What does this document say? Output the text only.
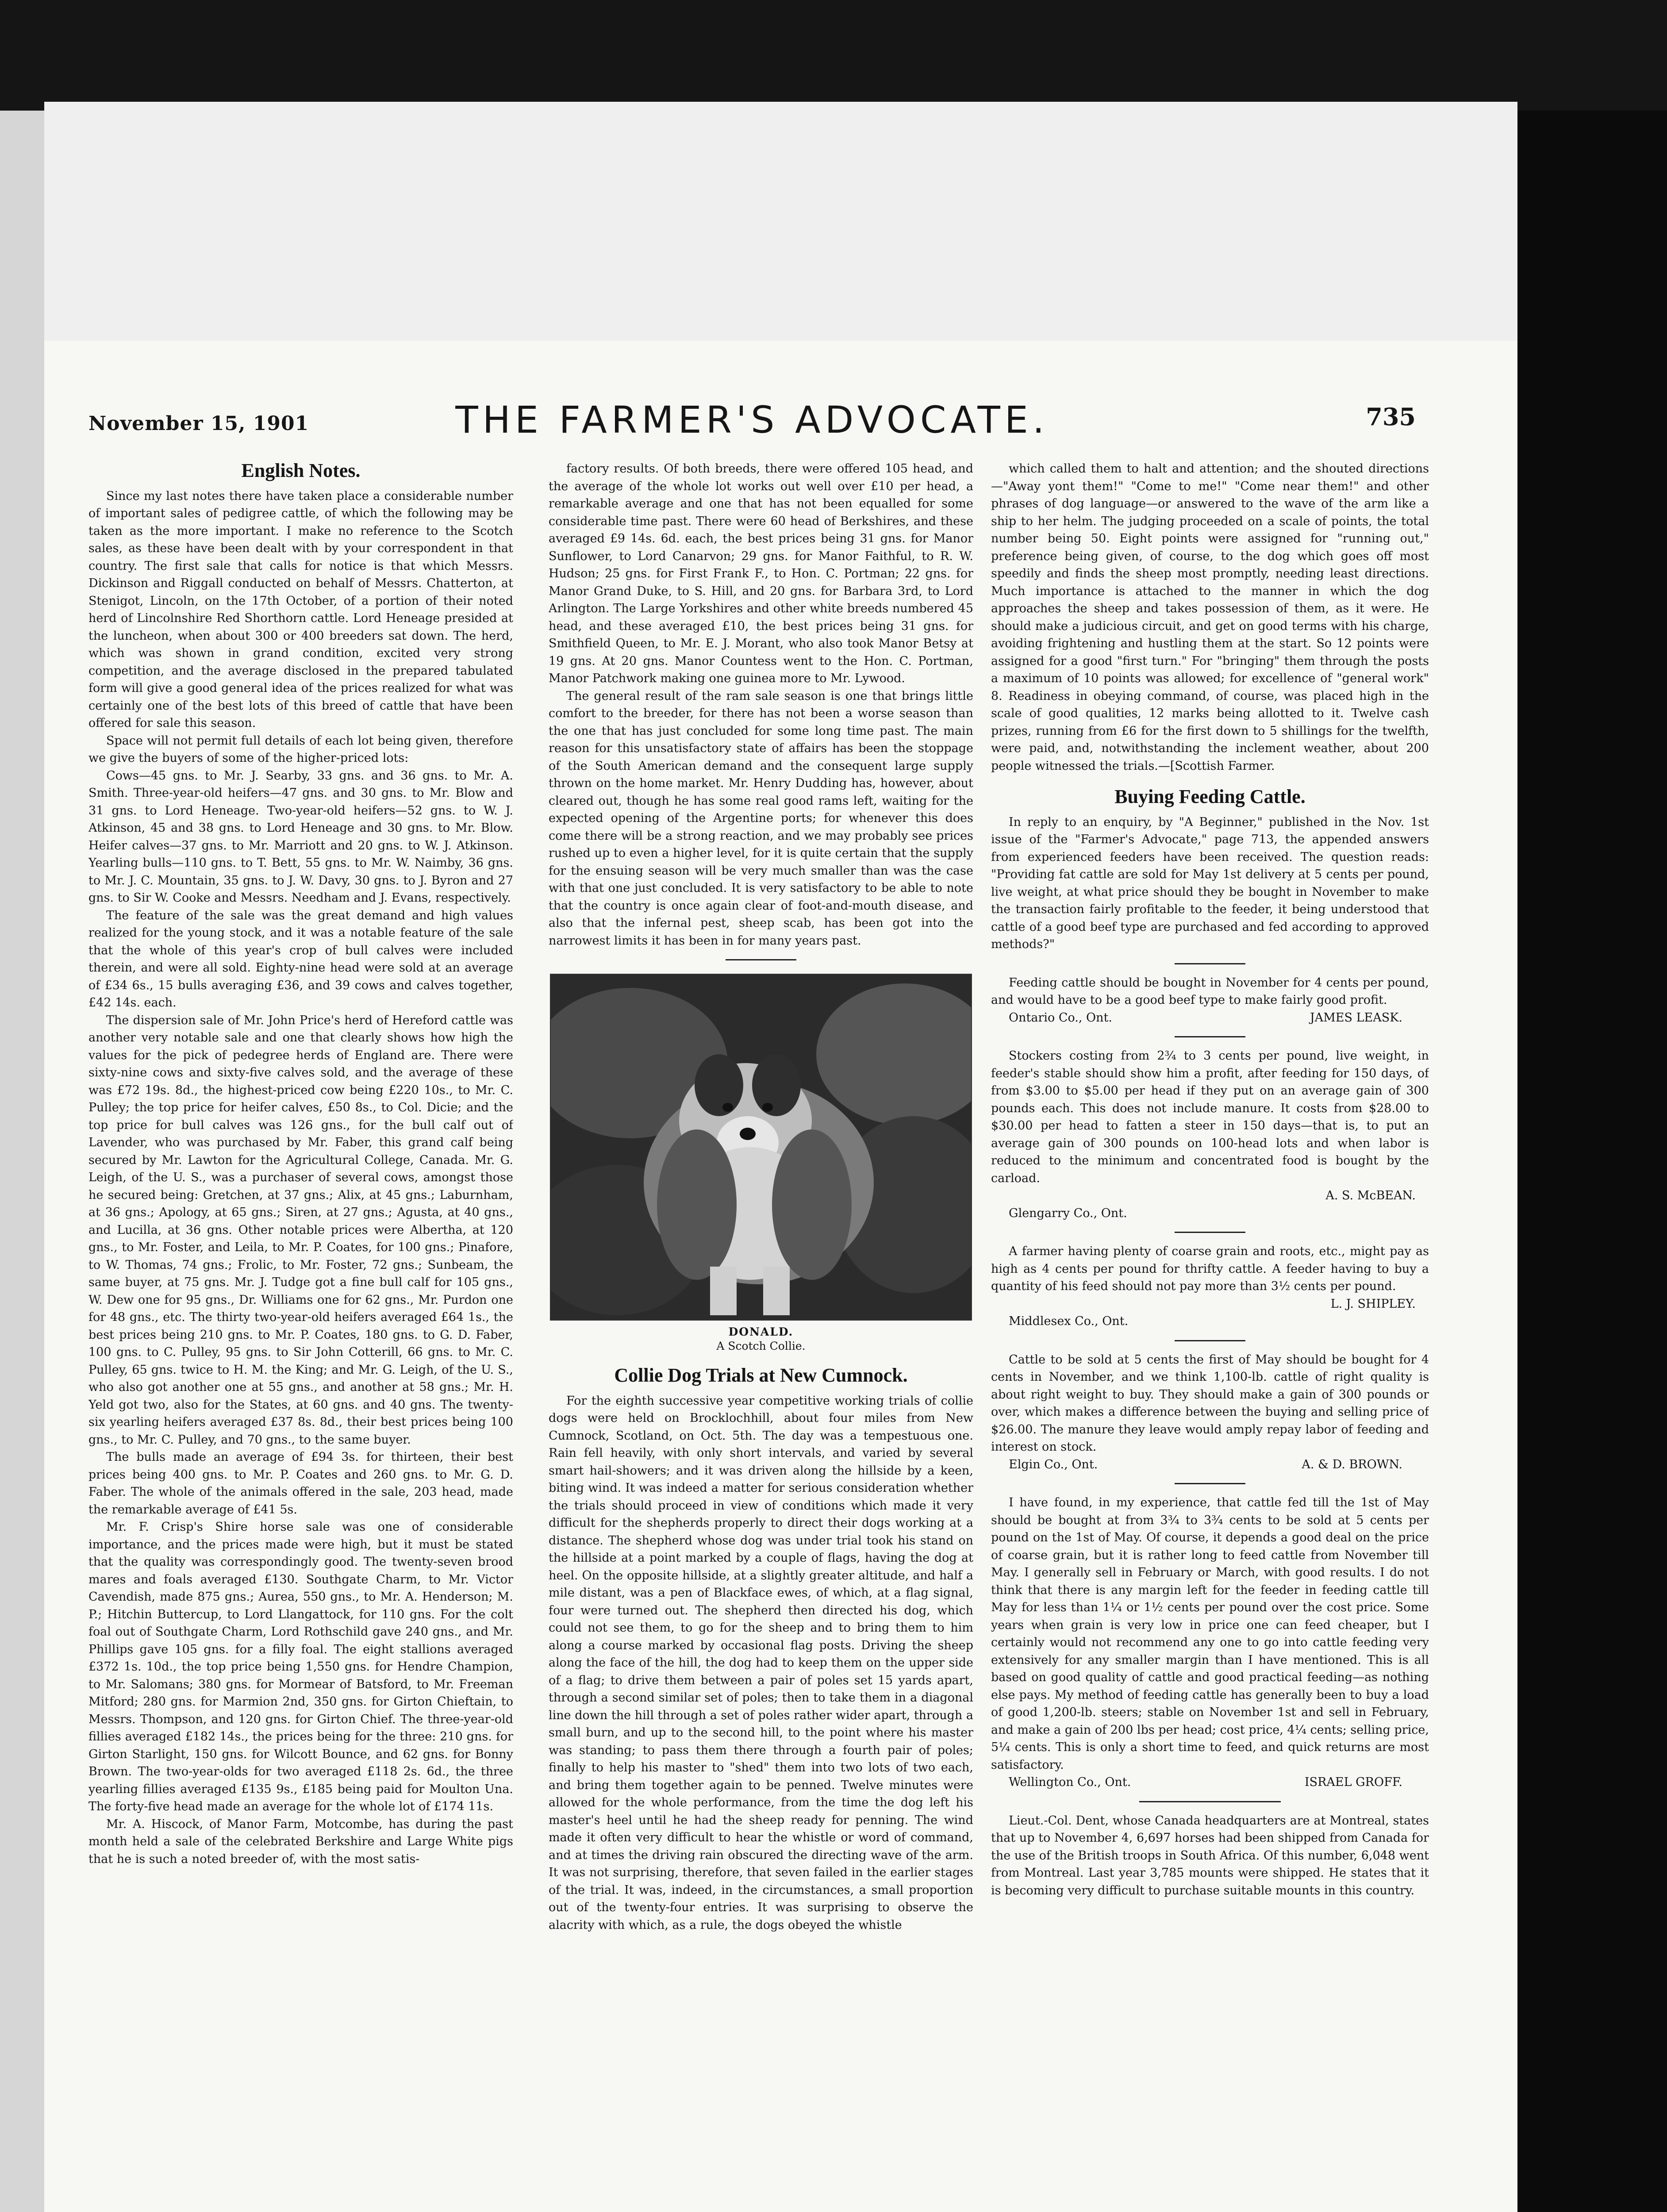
November 15, 1901	THE FARMER'S ADVOCATE.	735
English Notes.

Since my last notes there have taken place a considerable number of important sales of pedigree cattle, of which the following may be taken as the more important. I make no reference to the Scotch sales, as these have been dealt with by your correspondent in that country. The first sale that calls for notice is that which Messrs. Dickinson and Riggall conducted on behalf of Messrs. Chatterton, at Stenigot, Lincoln, on the 17th October, of a portion of their noted herd of Lincolnshire Red Shorthorn cattle. Lord Heneage presided at the luncheon, when about 300 or 400 breeders sat down. The herd, which was shown in grand condition, excited very strong competition, and the average disclosed in the prepared tabulated form will give a good general idea of the prices realized for what was certainly one of the best lots of this breed of cattle that have been offered for sale this season.

Space will not permit full details of each lot being given, therefore we give the buyers of some of the higher-priced lots:

Cows—45 gns. to Mr. J. Searby, 33 gns. and 36 gns. to Mr. A. Smith. Three-year-old heifers—47 gns. and 30 gns. to Mr. Blow and 31 gns. to Lord Heneage. Two-year-old heifers—52 gns. to W. J. Atkinson, 45 and 38 gns. to Lord Heneage and 30 gns. to Mr. Blow. Heifer calves—37 gns. to Mr. Marriott and 20 gns. to W. J. Atkinson. Yearling bulls—110 gns. to T. Bett, 55 gns. to Mr. W. Naimby, 36 gns. to Mr. J. C. Mountain, 35 gns. to J. W. Davy, 30 gns. to J. Byron and 27 gns. to Sir W. Cooke and Messrs. Needham and J. Evans, respectively.

The feature of the sale was the great demand and high values realized for the young stock, and it was a notable feature of the sale that the whole of this year's crop of bull calves were included therein, and were all sold. Eighty-nine head were sold at an average of £34 6s., 15 bulls averaging £36, and 39 cows and calves together, £42 14s. each.

The dispersion sale of Mr. John Price's herd of Hereford cattle was another very notable sale and one that clearly shows how high the values for the pick of pedegree herds of England are. There were sixty-nine cows and sixty-five calves sold, and the average of these was £72 19s. 8d., the highest-priced cow being £220 10s., to Mr. C. Pulley; the top price for heifer calves, £50 8s., to Col. Dicie; and the top price for bull calves was 126 gns., for the bull calf out of Lavender, who was purchased by Mr. Faber, this grand calf being secured by Mr. Lawton for the Agricultural College, Canada. Mr. G. Leigh, of the U. S., was a purchaser of several cows, amongst those he secured being: Gretchen, at 37 gns.; Alix, at 45 gns.; Laburnham, at 36 gns.; Apology, at 65 gns.; Siren, at 27 gns.; Agusta, at 40 gns., and Lucilla, at 36 gns. Other notable prices were Albertha, at 120 gns., to Mr. Foster, and Leila, to Mr. P. Coates, for 100 gns.; Pinafore, to W. Thomas, 74 gns.; Frolic, to Mr. Foster, 72 gns.; Sunbeam, the same buyer, at 75 gns. Mr. J. Tudge got a fine bull calf for 105 gns., W. Dew one for 95 gns., Dr. Williams one for 62 gns., Mr. Purdon one for 48 gns., etc. The thirty two-year-old heifers averaged £64 1s., the best prices being 210 gns. to Mr. P. Coates, 180 gns. to G. D. Faber, 100 gns. to C. Pulley, 95 gns. to Sir John Cotterill, 66 gns. to Mr. C. Pulley, 65 gns. twice to H. M. the King; and Mr. G. Leigh, of the U. S., who also got another one at 55 gns., and another at 58 gns.; Mr. H. Yeld got two, also for the States, at 60 gns. and 40 gns. The twenty-six yearling heifers averaged £37 8s. 8d., their best prices being 100 gns., to Mr. C. Pulley, and 70 gns., to the same buyer.

The bulls made an average of £94 3s. for thirteen, their best prices being 400 gns. to Mr. P. Coates and 260 gns. to Mr. G. D. Faber. The whole of the animals offered in the sale, 203 head, made the remarkable average of £41 5s.

Mr. F. Crisp's Shire horse sale was one of considerable importance, and the prices made were high, but it must be stated that the quality was correspondingly good. The twenty-seven brood mares and foals averaged £130. Southgate Charm, to Mr. Victor Cavendish, made 875 gns.; Aurea, 550 gns., to Mr. A. Henderson; M. P.; Hitchin Buttercup, to Lord Llangattock, for 110 gns. For the colt foal out of Southgate Charm, Lord Rothschild gave 240 gns., and Mr. Phillips gave 105 gns. for a filly foal. The eight stallions averaged £372 1s. 10d., the top price being 1,550 gns. for Hendre Champion, to Mr. Salomans; 380 gns. for Mormear of Batsford, to Mr. Freeman Mitford; 280 gns. for Marmion 2nd, 350 gns. for Girton Chieftain, to Messrs. Thompson, and 120 gns. for Girton Chief. The three-year-old fillies averaged £182 14s., the prices being for the three: 210 gns. for Girton Starlight, 150 gns. for Wilcott Bounce, and 62 gns. for Bonny Brown. The two-year-olds for two averaged £118 2s. 6d., the three yearling fillies averaged £135 9s., £185 being paid for Moulton Una. The forty-five head made an average for the whole lot of £174 11s.

Mr. A. Hiscock, of Manor Farm, Motcombe, has during the past month held a sale of the celebrated Berkshire and Large White pigs that he is such a noted breeder of, with the most satis-

factory results. Of both breeds, there were offered 105 head, and the average of the whole lot works out well over £10 per head, a remarkable average and one that has not been equalled for some considerable time past. There were 60 head of Berkshires, and these averaged £9 14s. 6d. each, the best prices being 31 gns. for Manor Sunflower, to Lord Canarvon; 29 gns. for Manor Faithful, to R. W. Hudson; 25 gns. for First Frank F., to Hon. C. Portman; 22 gns. for Manor Grand Duke, to S. Hill, and 20 gns. for Barbara 3rd, to Lord Arlington. The Large Yorkshires and other white breeds numbered 45 head, and these averaged £10, the best prices being 31 gns. for Smithfield Queen, to Mr. E. J. Morant, who also took Manor Betsy at 19 gns. At 20 gns. Manor Countess went to the Hon. C. Portman, Manor Patchwork making one guinea more to Mr. Lywood.

The general result of the ram sale season is one that brings little comfort to the breeder, for there has not been a worse season than the one that has just concluded for some long time past. The main reason for this unsatisfactory state of affairs has been the stoppage of the South American demand and the consequent large supply thrown on the home market. Mr. Henry Dudding has, however, about cleared out, though he has some real good rams left, waiting for the expected opening of the Argentine ports; for whenever this does come there will be a strong reaction, and we may probably see prices rushed up to even a higher level, for it is quite certain that the supply for the ensuing season will be very much smaller than was the case with that one just concluded. It is very satisfactory to be able to note that the country is once again clear of foot-and-mouth disease, and also that the infernal pest, sheep scab, has been got into the narrowest limits it has been in for many years past.

DONALD.

A Scotch Collie.

Collie Dog Trials at New Cumnock.

For the eighth successive year competitive working trials of collie dogs were held on Brocklochhill, about four miles from New Cumnock, Scotland, on Oct. 5th. The day was a tempestuous one. Rain fell heavily, with only short intervals, and varied by several smart hail-showers; and it was driven along the hillside by a keen, biting wind. It was indeed a matter for serious consideration whether the trials should proceed in view of conditions which made it very difficult for the shepherds properly to direct their dogs working at a distance. The shepherd whose dog was under trial took his stand on the hillside at a point marked by a couple of flags, having the dog at heel. On the opposite hillside, at a slightly greater altitude, and half a mile distant, was a pen of Blackface ewes, of which, at a flag signal, four were turned out. The shepherd then directed his dog, which could not see them, to go for the sheep and to bring them to him along a course marked by occasional flag posts. Driving the sheep along the face of the hill, the dog had to keep them on the upper side of a flag; to drive them between a pair of poles set 15 yards apart, through a second similar set of poles; then to take them in a diagonal line down the hill through a set of poles rather wider apart, through a small burn, and up to the second hill, to the point where his master was standing; to pass them there through a fourth pair of poles; finally to help his master to "shed" them into two lots of two each, and bring them together again to be penned. Twelve minutes were allowed for the whole performance, from the time the dog left his master's heel until he had the sheep ready for penning. The wind made it often very difficult to hear the whistle or word of command, and at times the driving rain obscured the directing wave of the arm. It was not surprising, therefore, that seven failed in the earlier stages of the trial. It was, indeed, in the circumstances, a small proportion out of the twenty-four entries. It was surprising to observe the alacrity with which, as a rule, the dogs obeyed the whistle

which called them to halt and attention; and the shouted directions—"Away yont them!" "Come to me!" "Come near them!" and other phrases of dog language—or answered to the wave of the arm like a ship to her helm. The judging proceeded on a scale of points, the total number being 50. Eight points were assigned for "running out," preference being given, of course, to the dog which goes off most speedily and finds the sheep most promptly, needing least directions. Much importance is attached to the manner in which the dog approaches the sheep and takes possession of them, as it were. He should make a judicious circuit, and get on good terms with his charge, avoiding frightening and hustling them at the start. So 12 points were assigned for a good "first turn." For "bringing" them through the posts a maximum of 10 points was allowed; for excellence of "general work" 8. Readiness in obeying command, of course, was placed high in the scale of good qualities, 12 marks being allotted to it. Twelve cash prizes, running from £6 for the first down to 5 shillings for the twelfth, were paid, and, notwithstanding the inclement weather, about 200 people witnessed the trials.—[Scottish Farmer.

Buying Feeding Cattle.

In reply to an enquiry, by "A Beginner," published in the Nov. 1st issue of the "Farmer's Advocate," page 713, the appended answers from experienced feeders have been received. The question reads: "Providing fat cattle are sold for May 1st delivery at 5 cents per pound, live weight, at what price should they be bought in November to make the transaction fairly profitable to the feeder, it being understood that cattle of a good beef type are purchased and fed according to approved methods?"

Feeding cattle should be bought in November for 4 cents per pound, and would have to be a good beef type to make fairly good profit.

Ontario Co., Ont.	JAMES LEASK.

Stockers costing from 2¾ to 3 cents per pound, live weight, in feeder's stable should show him a profit, after feeding for 150 days, of from $3.00 to $5.00 per head if they put on an average gain of 300 pounds each. This does not include manure. It costs from $28.00 to $30.00 per head to fatten a steer in 150 days—that is, to put an average gain of 300 pounds on 100-head lots and when labor is reduced to the minimum and concentrated food is bought by the carload.

A. S. McBEAN.

Glengarry Co., Ont.

A farmer having plenty of coarse grain and roots, etc., might pay as high as 4 cents per pound for thrifty cattle. A feeder having to buy a quantity of his feed should not pay more than 3½ cents per pound.

L. J. SHIPLEY.

Middlesex Co., Ont.

Cattle to be sold at 5 cents the first of May should be bought for 4 cents in November, and we think 1,100-lb. cattle of right quality is about right weight to buy. They should make a gain of 300 pounds or over, which makes a difference between the buying and selling price of $26.00. The manure they leave would amply repay labor of feeding and interest on stock.

Elgin Co., Ont.	A. & D. BROWN.

I have found, in my experience, that cattle fed till the 1st of May should be bought at from 3¾ to 3¾ cents to be sold at 5 cents per pound on the 1st of May. Of course, it depends a good deal on the price of coarse grain, but it is rather long to feed cattle from November till May. I generally sell in February or March, with good results. I do not think that there is any margin left for the feeder in feeding cattle till May for less than 1¼ or 1½ cents per pound over the cost price. Some years when grain is very low in price one can feed cheaper, but I certainly would not recommend any one to go into cattle feeding very extensively for any smaller margin than I have mentioned. This is all based on good quality of cattle and good practical feeding—as nothing else pays. My method of feeding cattle has generally been to buy a load of good 1,200-lb. steers; stable on November 1st and sell in February, and make a gain of 200 lbs per head; cost price, 4¼ cents; selling price, 5¼ cents. This is only a short time to feed, and quick returns are most satisfactory.

Wellington Co., Ont.	ISRAEL GROFF.

Lieut.-Col. Dent, whose Canada headquarters are at Montreal, states that up to November 4, 6,697 horses had been shipped from Canada for the use of the British troops in South Africa. Of this number, 6,048 went from Montreal. Last year 3,785 mounts were shipped. He states that it is becoming very difficult to purchase suitable mounts in this country.
